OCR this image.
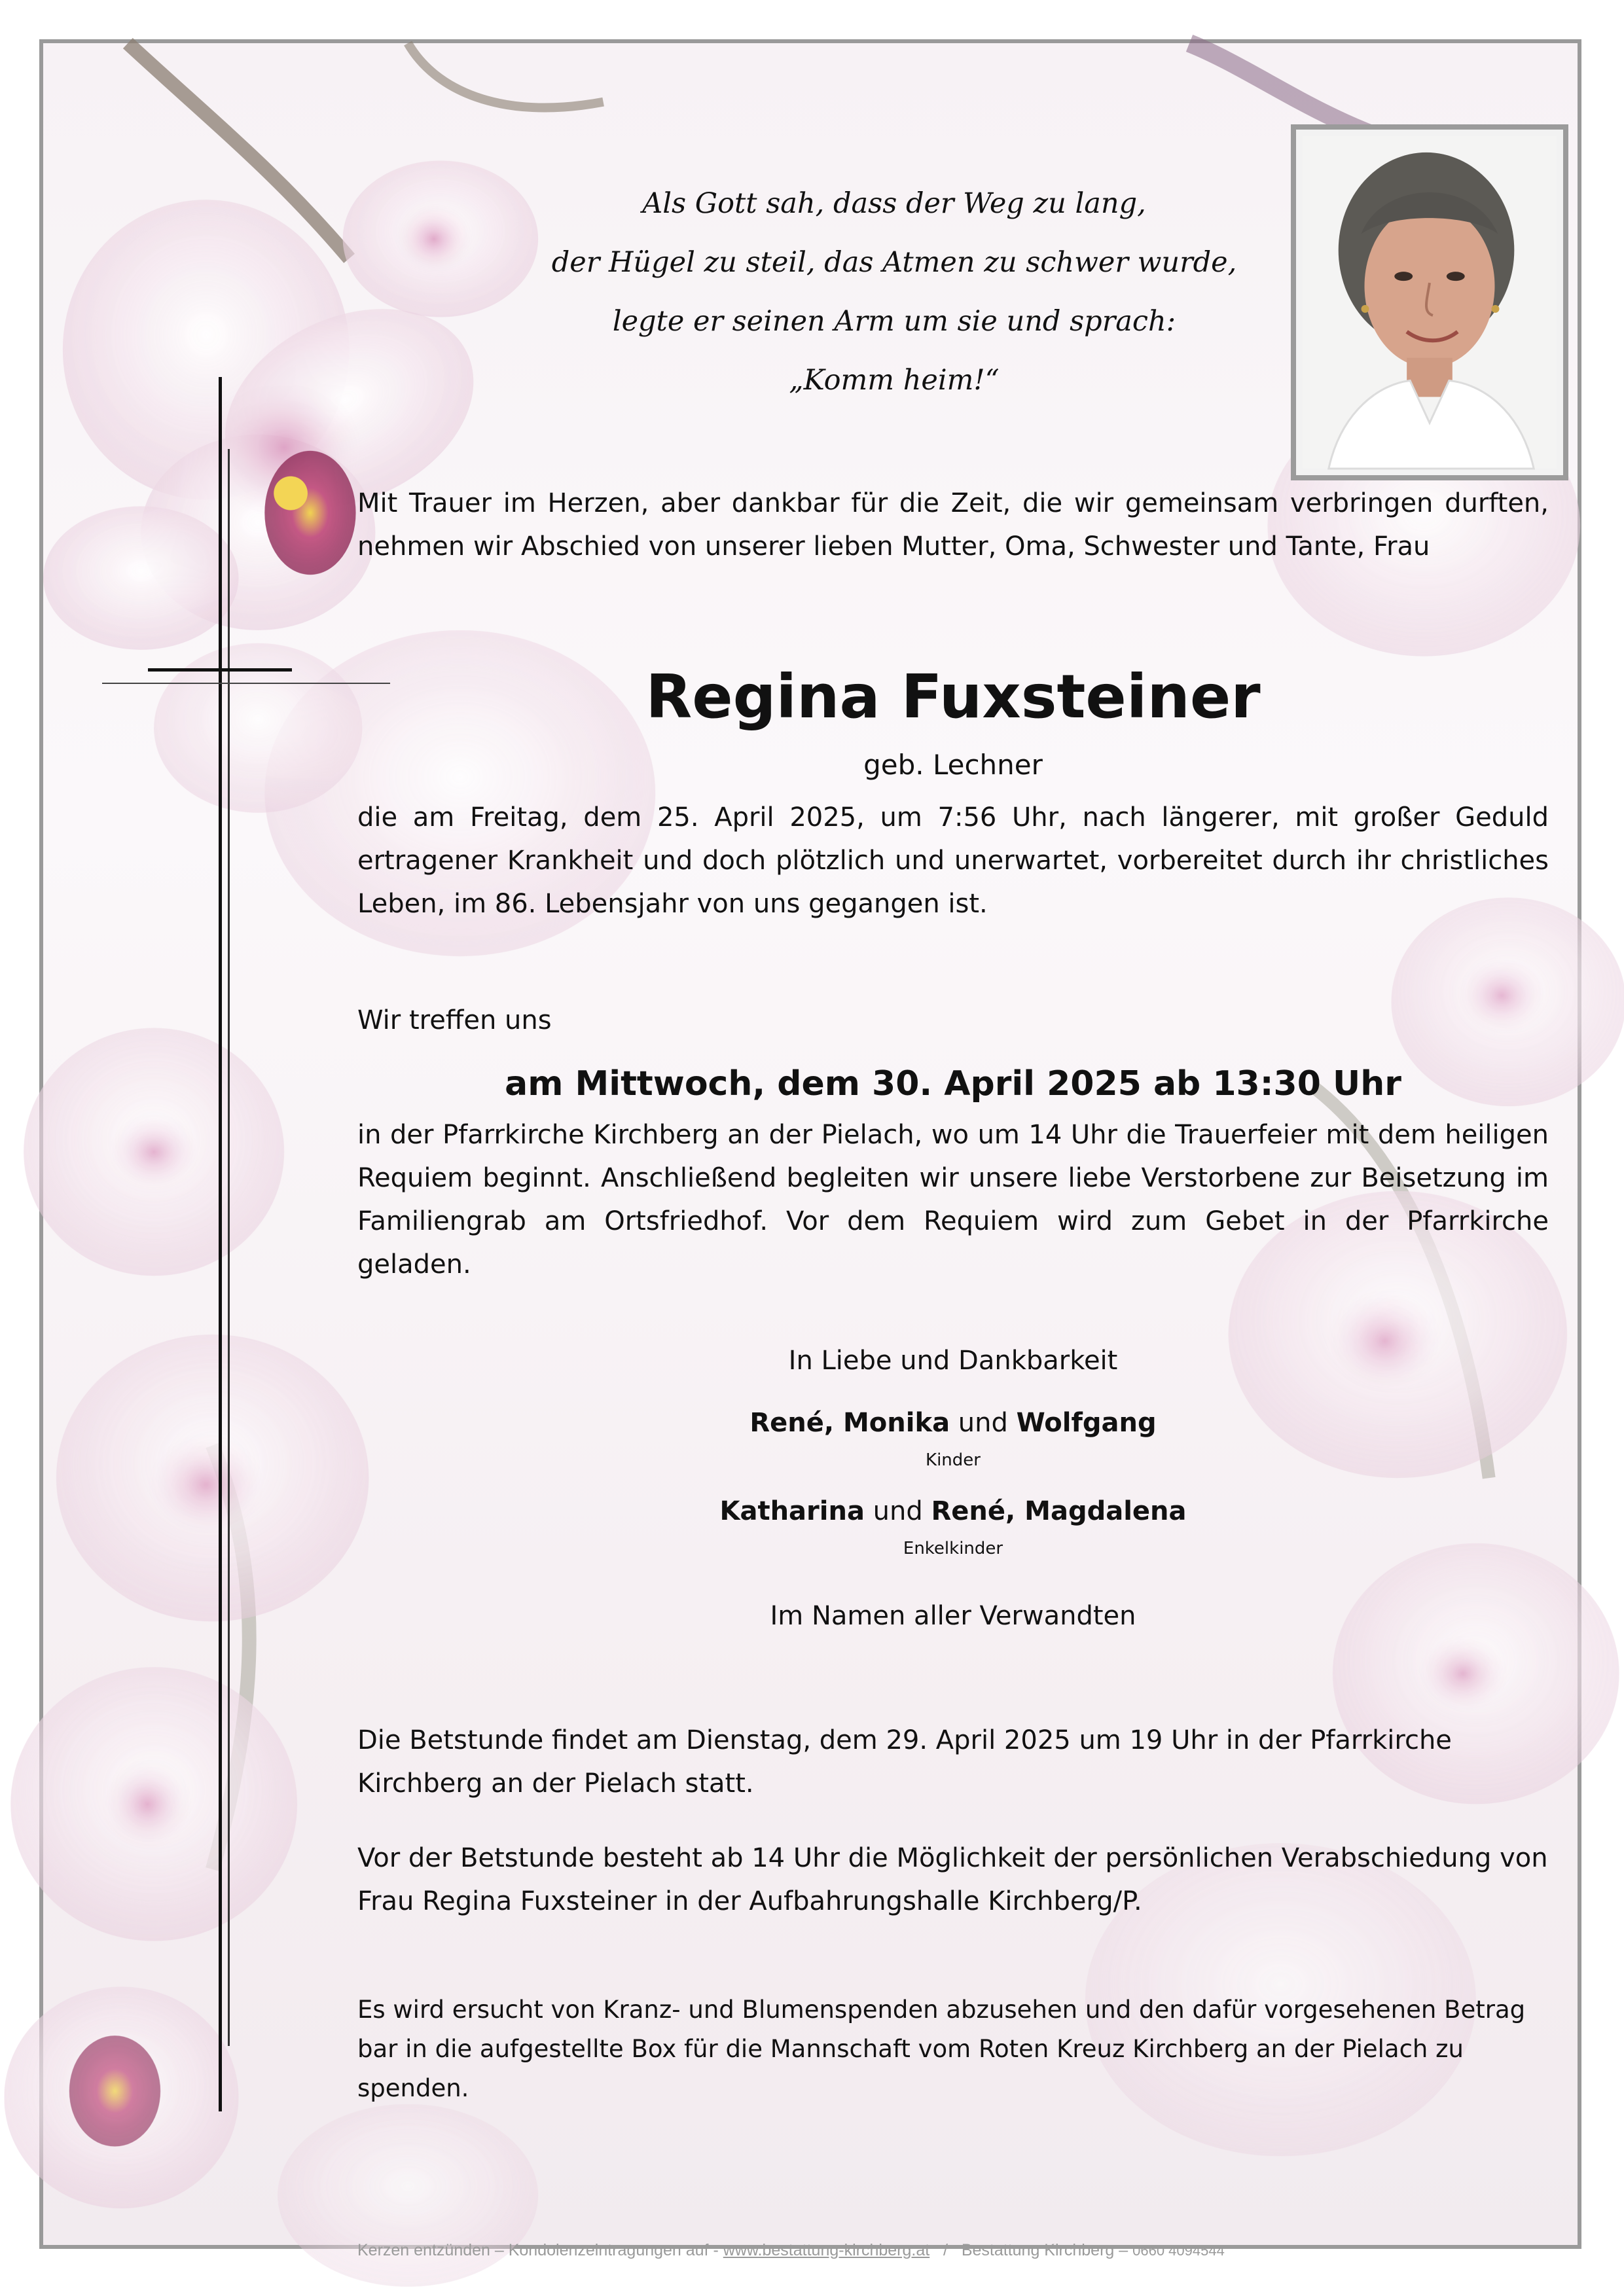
Als Gott sah, dass der Weg zu lang,
der Hügel zu steil, das Atmen zu schwer wurde,
legte er seinen Arm um sie und sprach:
„Komm heim!“
Mit Trauer im Herzen, aber dankbar für die Zeit, die wir gemeinsam verbringen durften, nehmen wir Abschied von unserer lieben Mutter, Oma, Schwester und Tante, Frau
Regina Fuxsteiner
geb. Lechner
die am Freitag, dem 25. April 2025, um 7:56 Uhr, nach längerer, mit großer Geduld ertragener Krankheit und doch plötzlich und unerwartet, vorbereitet durch ihr christliches Leben, im 86. Lebensjahr von uns gegangen ist.
Wir treffen uns
am Mittwoch, dem 30. April 2025 ab 13:30 Uhr
in der Pfarrkirche Kirchberg an der Pielach, wo um 14 Uhr die Trauerfeier mit dem heiligen Requiem beginnt. Anschließend begleiten wir unsere liebe Verstorbene zur Beisetzung im Familiengrab am Ortsfriedhof. Vor dem Requiem wird zum Gebet in der Pfarrkirche geladen.
In Liebe und Dankbarkeit
René, Monika und Wolfgang
Kinder
Katharina und René, Magdalena
Enkelkinder
Im Namen aller Verwandten
Die Betstunde findet am Dienstag, dem 29. April 2025 um 19 Uhr in der Pfarrkirche Kirchberg an der Pielach statt.
Vor der Betstunde besteht ab 14 Uhr die Möglichkeit der persönlichen Verabschiedung von Frau Regina Fuxsteiner in der Aufbahrungshalle Kirchberg/P.
Es wird ersucht von Kranz- und Blumenspenden abzusehen und den dafür vorgesehenen Betrag bar in die aufgestellte Box für die Mannschaft vom Roten Kreuz Kirchberg an der Pielach zu spenden.
Kerzen entzünden – Kondolenzeintragungen auf - www.bestattung-kirchberg.at   /   Bestattung Kirchberg – 0660 4094544
